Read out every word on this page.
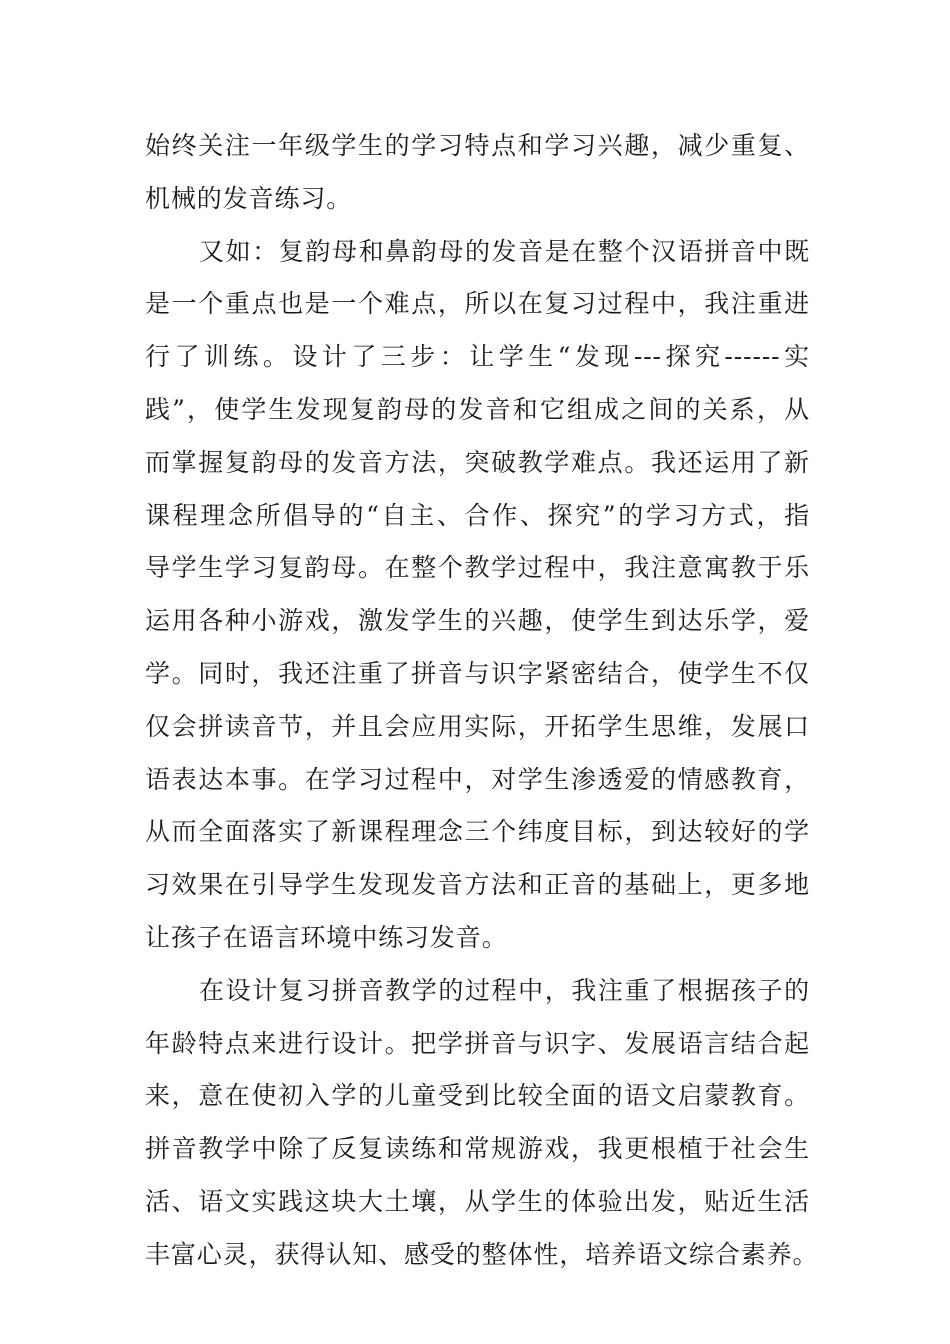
始终关注一年级学生的学习特点和学习兴趣，减少重复、
机械的发音练习。
又如：复韵母和鼻韵母的发音是在整个汉语拼音中既
是一个重点也是一个难点，所以在复习过程中，我注重进
行了训练。设计了三步：让学生“发现---探究------实
践”，使学生发现复韵母的发音和它组成之间的关系，从
而掌握复韵母的发音方法，突破教学难点。我还运用了新
课程理念所倡导的“自主、合作、探究”的学习方式，指
导学生学习复韵母。在整个教学过程中，我注意寓教于乐
运用各种小游戏，激发学生的兴趣，使学生到达乐学，爱
学。同时，我还注重了拼音与识字紧密结合，使学生不仅
仅会拼读音节，并且会应用实际，开拓学生思维，发展口
语表达本事。在学习过程中，对学生渗透爱的情感教育，
从而全面落实了新课程理念三个纬度目标，到达较好的学
习效果在引导学生发现发音方法和正音的基础上，更多地
让孩子在语言环境中练习发音。
在设计复习拼音教学的过程中，我注重了根据孩子的
年龄特点来进行设计。把学拼音与识字、发展语言结合起
来，意在使初入学的儿童受到比较全面的语文启蒙教育。
拼音教学中除了反复读练和常规游戏，我更根植于社会生
活、语文实践这块大土壤，从学生的体验出发，贴近生活
丰富心灵，获得认知、感受的整体性，培养语文综合素养。
